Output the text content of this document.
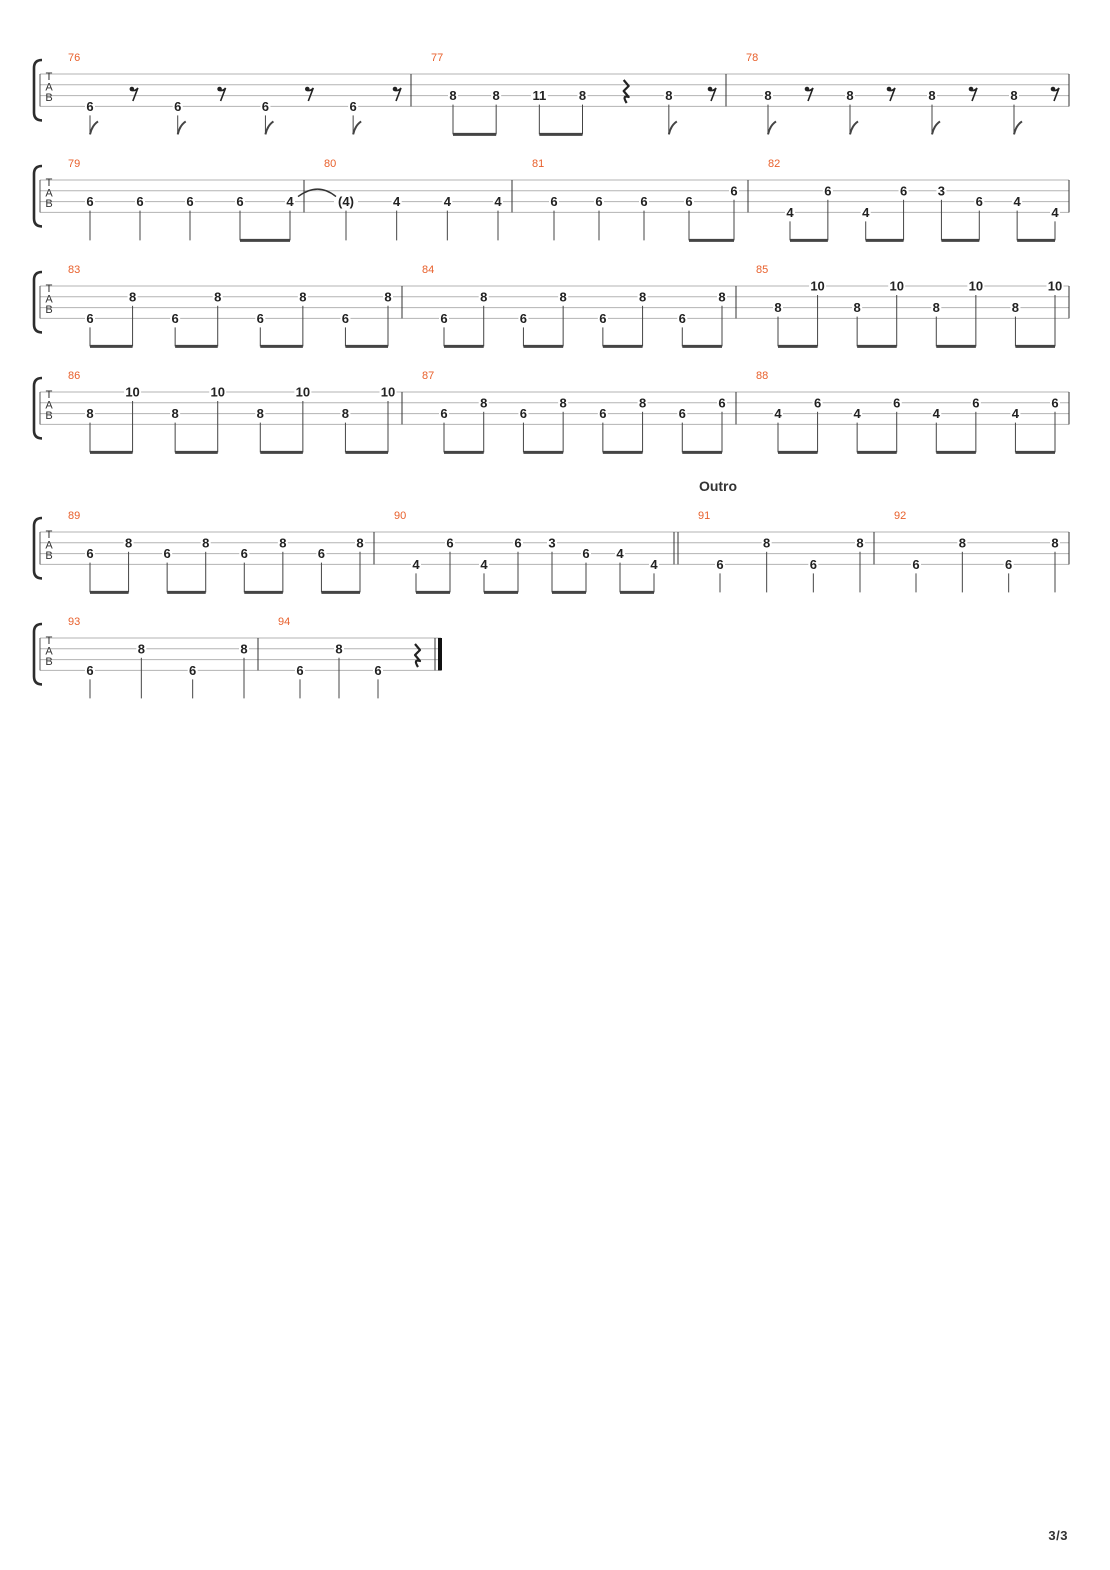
T
A
B
76
6	6	6	6
77
8	8	11	8	8
78
8	8	8	8
T
A
B
79
6	6	6	6	4
80
(4)	4	4	4
81
6	6	6	6
6
82
4
6
4
6 3
6 4
4
T
A
B
83
6
8
6
8
6
8
6
8
84
6
8
6
8
6
8
6
8
85
8
10
8
10
8
10
8
10
T
A
B
86
8
10
8
10
8
10
8
10
87
6
8
6
8
6
8
6
6
88
4
6
4
6
4
6
4
6
T
A
B
89
6
8
6
8
6
8
6
8
90
4
6
4
6 3
6 4
4
91
Outro
6
8
6
8
92
6
8
6
8
T
A
B
93
6
8
6
8
94
6
8
6
3/3
